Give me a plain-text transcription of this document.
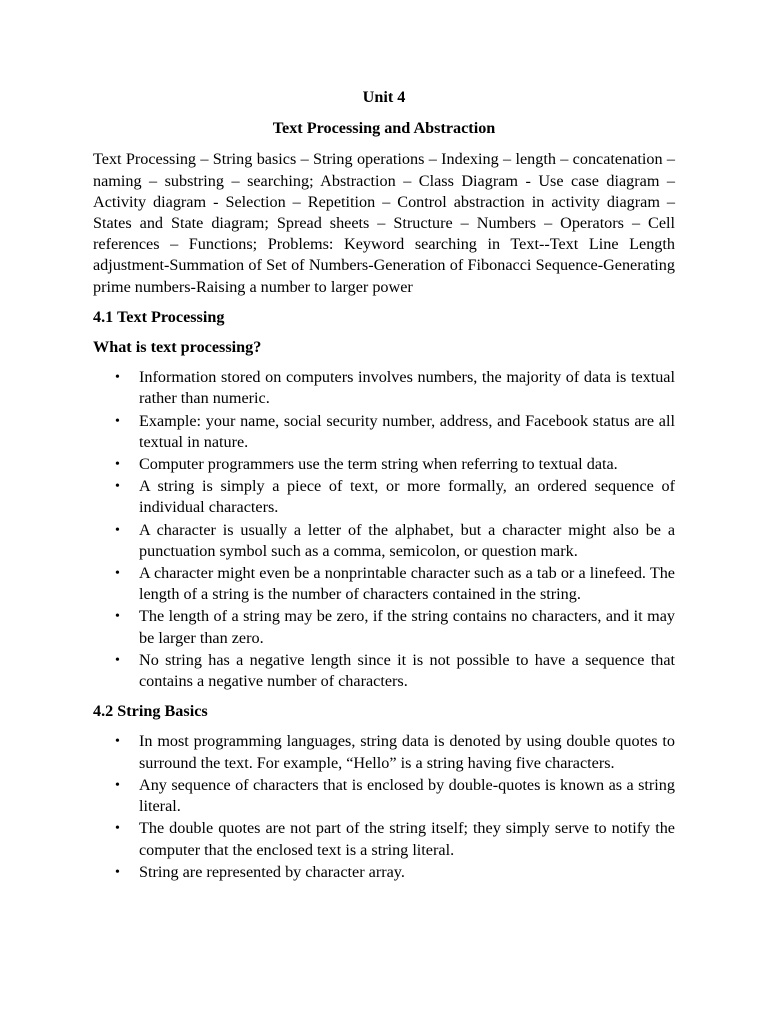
Unit 4

Text Processing and Abstraction

Text Processing – String basics – String operations – Indexing – length – concatenation – naming – substring – searching; Abstraction – Class Diagram - Use case diagram – Activity diagram - Selection – Repetition – Control abstraction in activity diagram – States and State diagram; Spread sheets – Structure – Numbers – Operators – Cell references – Functions; Problems: Keyword searching in Text--Text Line Length adjustment-Summation of Set of Numbers-Generation of Fibonacci Sequence-Generating prime numbers-Raising a number to larger power

4.1 Text Processing

What is text processing?

• Information stored on computers involves numbers, the majority of data is textual rather than numeric.
• Example: your name, social security number, address, and Facebook status are all textual in nature.
• Computer programmers use the term string when referring to textual data.
• A string is simply a piece of text, or more formally, an ordered sequence of individual characters.
• A character is usually a letter of the alphabet, but a character might also be a punctuation symbol such as a comma, semicolon, or question mark.
• A character might even be a nonprintable character such as a tab or a linefeed. The length of a string is the number of characters contained in the string.
• The length of a string may be zero, if the string contains no characters, and it may be larger than zero.
• No string has a negative length since it is not possible to have a sequence that contains a negative number of characters.

4.2 String Basics

• In most programming languages, string data is denoted by using double quotes to surround the text. For example, “Hello” is a string having five characters.
• Any sequence of characters that is enclosed by double-quotes is known as a string literal.
• The double quotes are not part of the string itself; they simply serve to notify the computer that the enclosed text is a string literal.
• String are represented by character array.
